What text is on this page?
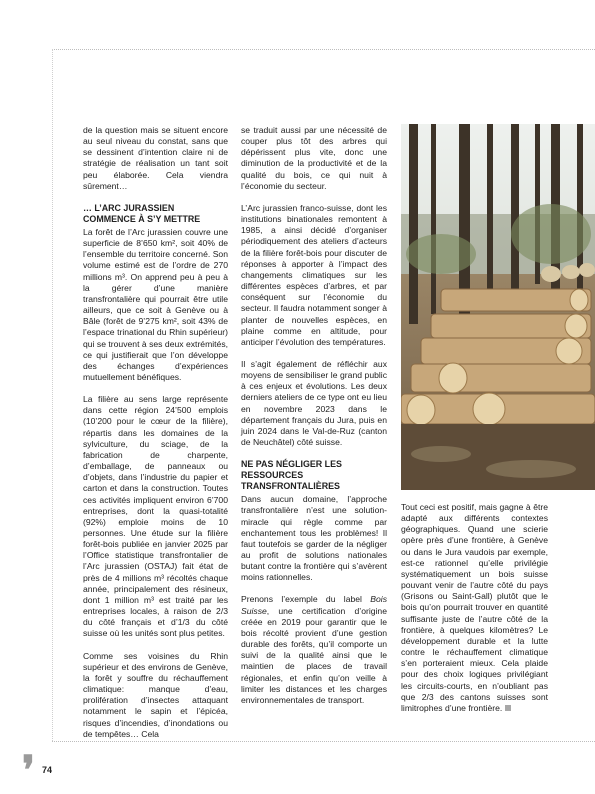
de la question mais se situent encore au seul niveau du constat, sans que se dessinent d’intention claire ni de stratégie de réalisation un tant soit peu élaborée. Cela viendra sûrement…

… L’ARC JURASSIEN COMMENCE À S’Y METTRE

La forêt de l’Arc jurassien couvre une superficie de 8’650 km², soit 40% de l’ensemble du territoire concerné. Son volume estimé est de l’ordre de 270 millions m³. On apprend peu à peu à la gérer d’une manière transfrontalière qui pourrait être utile ailleurs, que ce soit à Genève ou à Bâle (forêt de 9’275 km², soit 43% de l’espace trinational du Rhin supérieur) qui se trouvent à ses deux extrémités, ce qui justifierait que l’on développe des échanges d’expériences mutuellement bénéfiques.

La filière au sens large représente dans cette région 24’500 emplois (10’200 pour le cœur de la filière), répartis dans les domaines de la sylviculture, du sciage, de la fabrication de charpente, d’emballage, de panneaux ou d’objets, dans l’industrie du papier et carton et dans la construction. Toutes ces activités impliquent environ 6’700 entreprises, dont la quasi-totalité (92%) emploie moins de 10 personnes. Une étude sur la filière forêt-bois publiée en janvier 2025 par l’Office statistique transfrontalier de l’Arc jurassien (OSTAJ) fait état de près de 4 millions m³ récoltés chaque année, principalement des résineux, dont 1 million m³ est traité par les entreprises locales, à raison de 2/3 du côté français et d’1/3 du côté suisse où les unités sont plus petites.

Comme ses voisines du Rhin supérieur et des environs de Genève, la forêt y souffre du réchauffement climatique: manque d’eau, prolifération d’insectes attaquant notamment le sapin et l’épicéa, risques d’incendies, d’inondations ou de tempêtes… Cela

se traduit aussi par une nécessité de couper plus tôt des arbres qui dépérissent plus vite, donc une diminution de la productivité et de la qualité du bois, ce qui nuit à l’économie du secteur.

L’Arc jurassien franco-suisse, dont les institutions binationales remontent à 1985, a ainsi décidé d’organiser périodiquement des ateliers d’acteurs de la filière forêt-bois pour discuter de réponses à apporter à l’impact des changements climatiques sur les différentes espèces d’arbres, et par conséquent sur l’économie du secteur. Il faudra notamment songer à planter de nouvelles espèces, en plaine comme en altitude, pour anticiper l’évolution des températures.

Il s’agit également de réfléchir aux moyens de sensibiliser le grand public à ces enjeux et évolutions. Les deux derniers ateliers de ce type ont eu lieu en novembre 2023 dans le département français du Jura, puis en juin 2024 dans le Val-de-Ruz (canton de Neuchâtel) côté suisse.

NE PAS NÉGLIGER LES RESSOURCES TRANSFRONTALIÈRES

Dans aucun domaine, l’approche transfrontalière n’est une solution-miracle qui règle comme par enchantement tous les problèmes! Il faut toutefois se garder de la négliger au profit de solutions nationales butant contre la frontière qui s’avèrent moins rationnelles.

Prenons l’exemple du label Bois Suisse, une certification d’origine créée en 2019 pour garantir que le bois récolté provient d’une gestion durable des forêts, qu’il comporte un suivi de la qualité ainsi que le maintien de places de travail régionales, et enfin qu’on veille à limiter les distances et les charges environnementales de transport.

Tout ceci est positif, mais gagne à être adapté aux différents contextes géographiques. Quand une scierie opère près d’une frontière, à Genève ou dans le Jura vaudois par exemple, est-ce rationnel qu’elle privilégie systématiquement un bois suisse pouvant venir de l’autre côté du pays (Grisons ou Saint-Gall) plutôt que le bois qu’on pourrait trouver en quantité suffisante juste de l’autre côté de la frontière, à quelques kilomètres? Le développement durable et la lutte contre le réchauffement climatique s’en porteraient mieux. Cela plaide pour des choix logiques privilégiant les circuits-courts, en n’oubliant pas que 2/3 des cantons suisses sont limitrophes d’une frontière.

❜ 74
